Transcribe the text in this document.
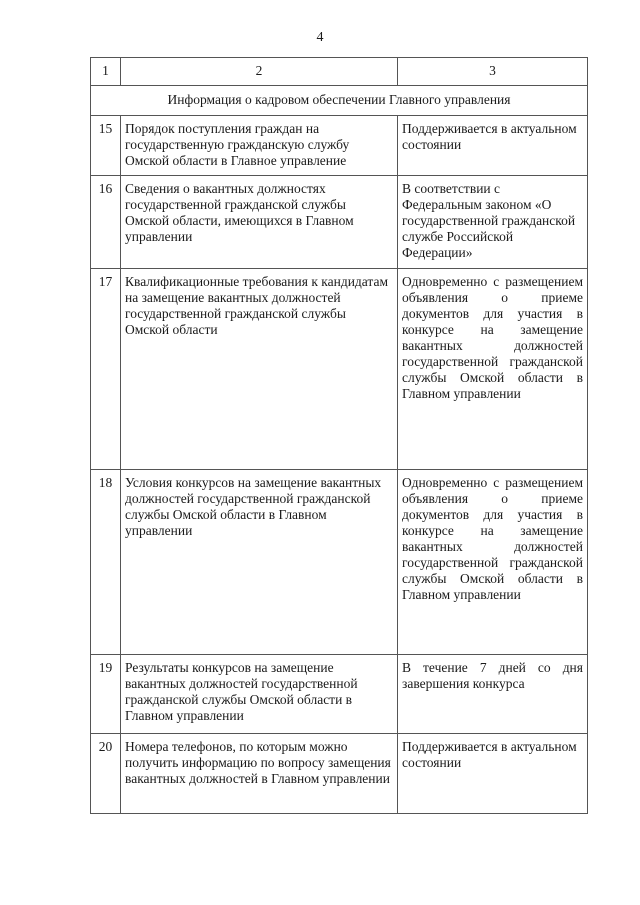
4
1	2	3
Информация о кадровом обеспечении Главного управления		
15	Порядок поступления граждан на государственную гражданскую службу Омской области в Главное управление	Поддерживается в актуальном состоянии
16	Сведения о вакантных должностях государственной гражданской службы Омской области, имеющихся в Главном управлении	В соответствии с Федеральным законом «О государственной гражданской службе Российской Федерации»
17	Квалификационные требования к кандидатам на замещение вакантных должностей государственной гражданской службы Омской области	Одновременно с размещением объявления о приеме документов для участия в конкурсе на замещение вакантных должностей государственной гражданской службы Омской области в Главном управлении
18	Условия конкурсов на замещение вакантных должностей государственной гражданской службы Омской области в Главном управлении	Одновременно с размещением объявления о приеме документов для участия в конкурсе на замещение вакантных должностей государственной гражданской службы Омской области в Главном управлении
19	Результаты конкурсов на замещение вакантных должностей государственной гражданской службы Омской области в Главном управлении	В течение 7 дней со дня завершения конкурса
20	Номера телефонов, по которым можно получить информацию по вопросу замещения вакантных должностей в Главном управлении	Поддерживается в актуальном состоянии
